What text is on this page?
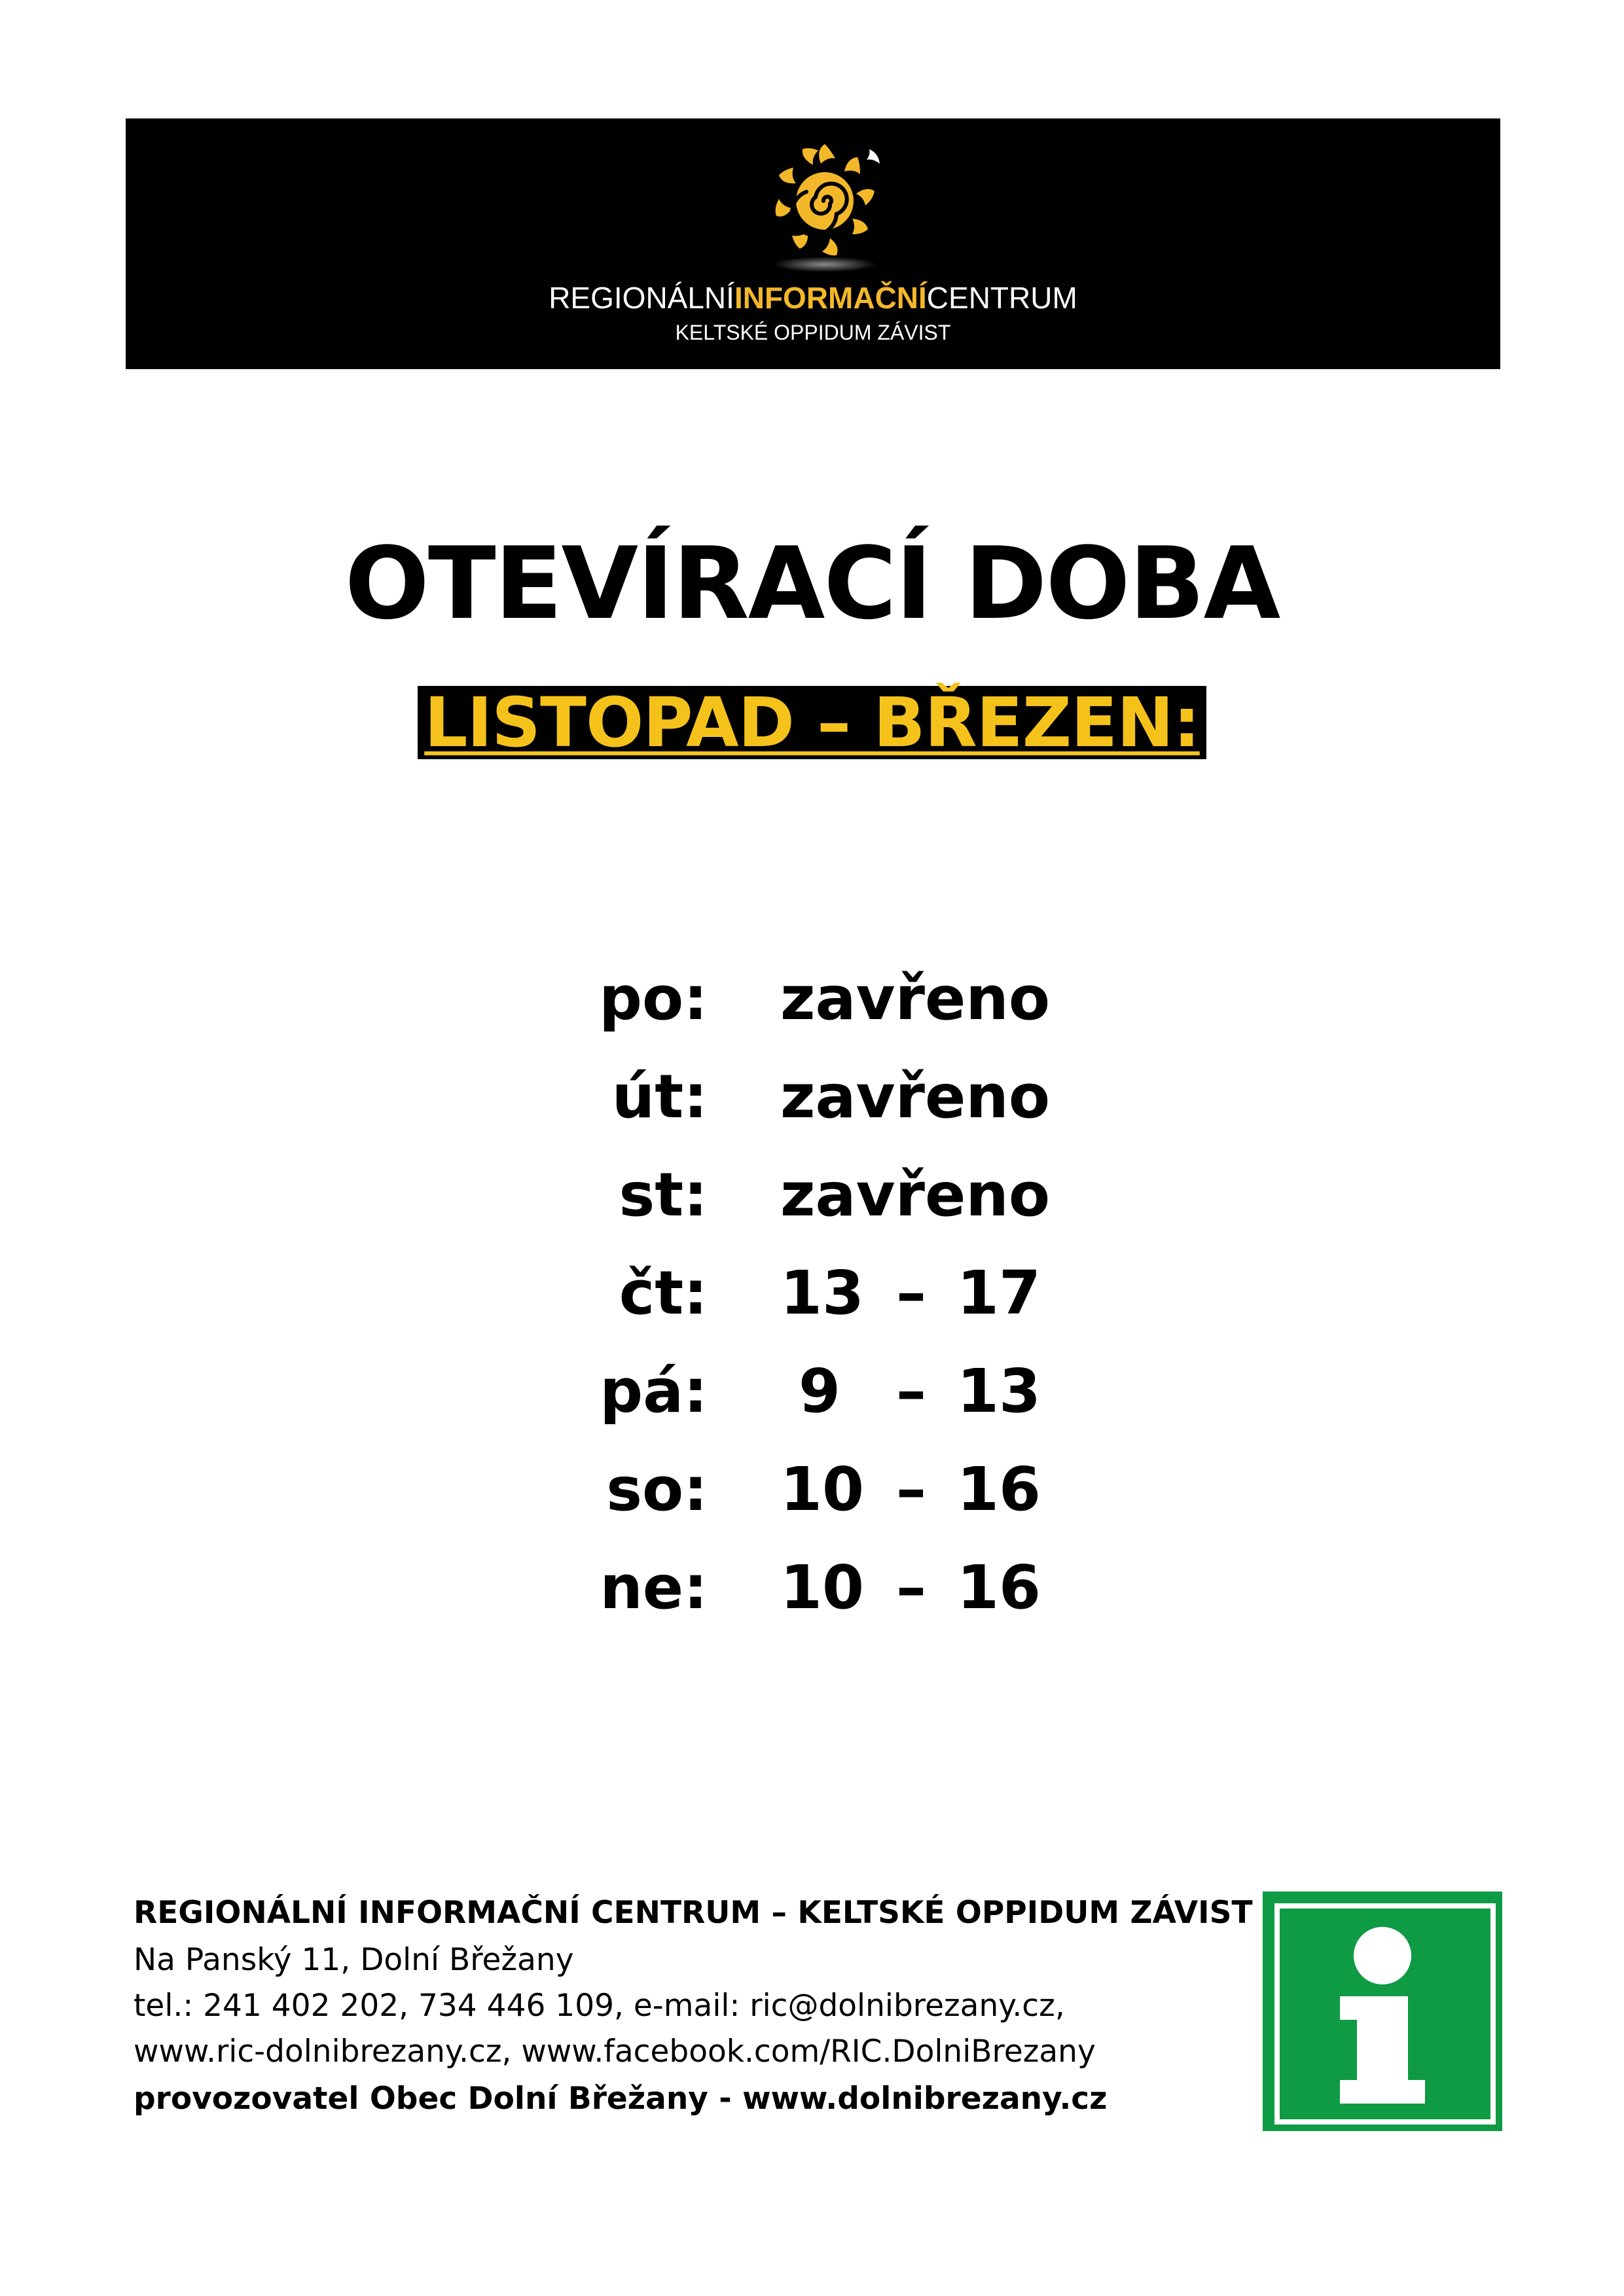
REGIONÁLNÍINFORMAČNÍCENTRUM
KELTSKÉ OPPIDUM ZÁVIST
OTEVÍRACÍ DOBA
LISTOPAD – BŘEZEN:
po: zavřeno
út: zavřeno
st: zavřeno
čt: 13 – 17
pá:	9 – 13
so: 10 – 16
ne: 10 – 16
REGIONÁLNÍ INFORMAČNÍ CENTRUM – KELTSKÉ OPPIDUM ZÁVIST
Na Panský 11, Dolní Břežany
tel.: 241 402 202, 734 446 109, e-mail: ric@dolnibrezany.cz,
www.ric-dolnibrezany.cz, www.facebook.com/RIC.DolniBrezany
provozovatel Obec Dolní Břežany - www.dolnibrezany.cz
